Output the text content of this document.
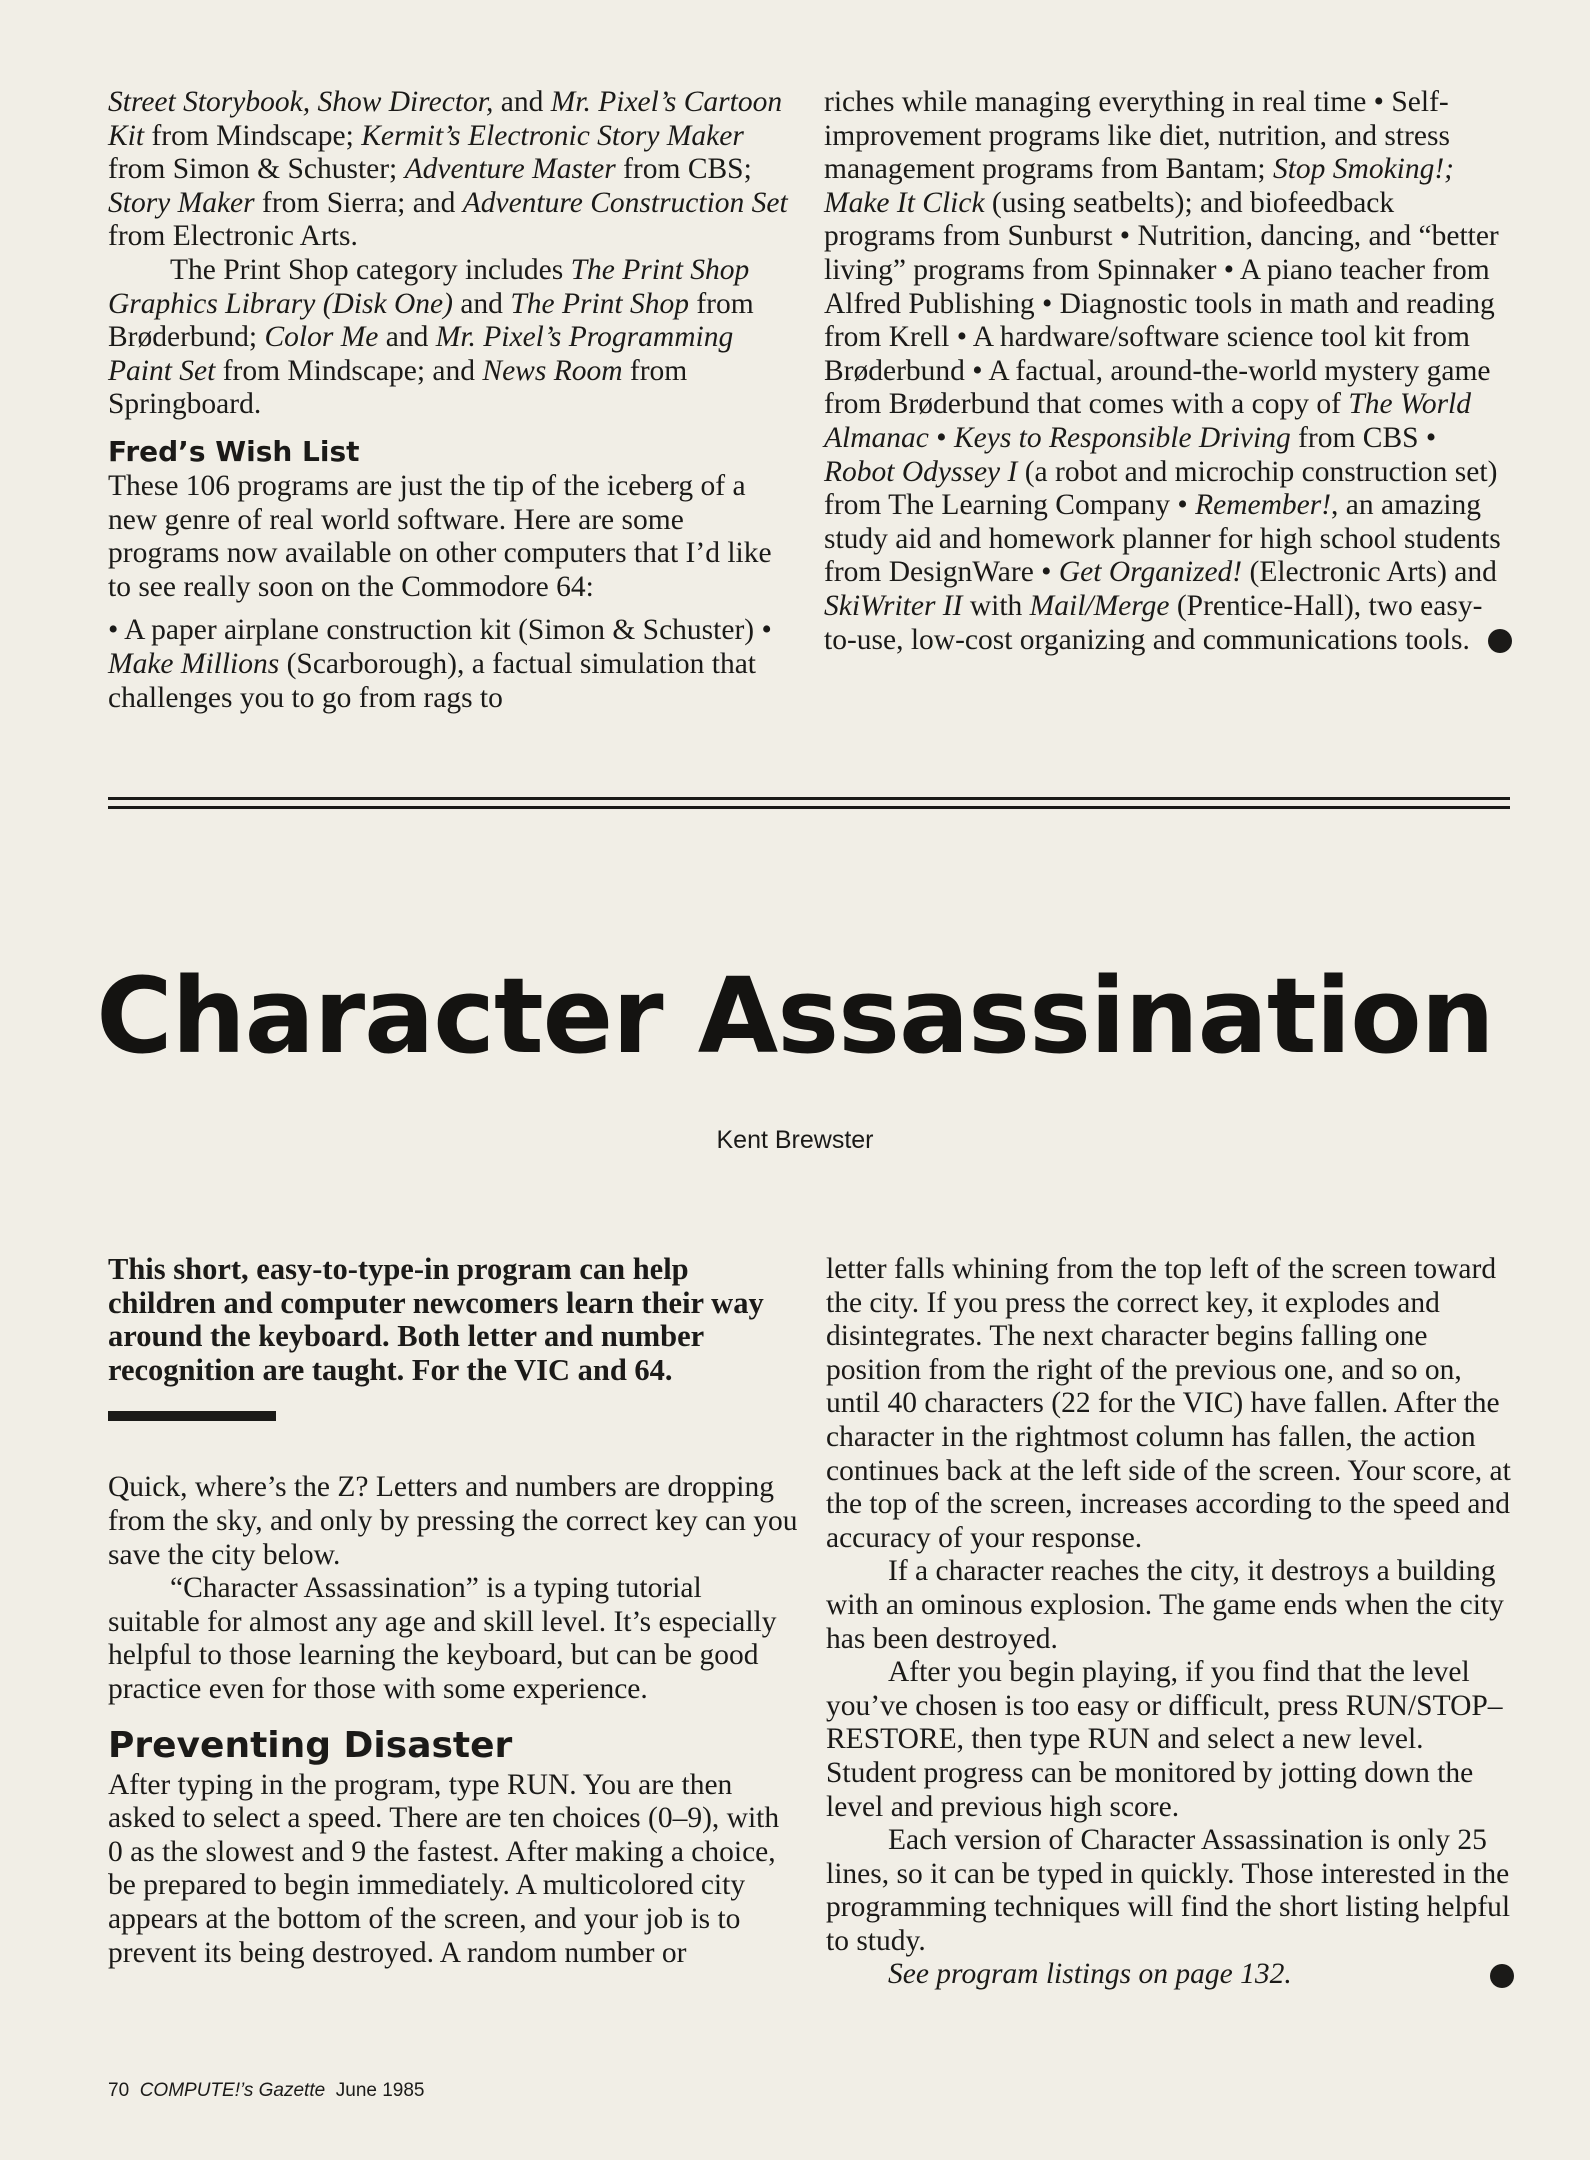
Street Storybook, Show Director, and Mr. Pixel’s Cartoon Kit from Mindscape; Kermit’s Electronic Story Maker from Simon & Schuster; Adventure Master from CBS; Story Maker from Sierra; and Adventure Construction Set from Electronic Arts.

The Print Shop category includes The Print Shop Graphics Library (Disk One) and The Print Shop from Brøderbund; Color Me and Mr. Pixel’s Programming Paint Set from Mindscape; and News Room from Springboard.

Fred’s Wish List

These 106 programs are just the tip of the iceberg of a new genre of real world software. Here are some programs now available on other computers that I’d like to see really soon on the Commodore 64:

• A paper airplane construction kit (Simon & Schuster) • Make Millions (Scarborough), a factual simulation that challenges you to go from rags to

riches while managing everything in real time • Self-improvement programs like diet, nutrition, and stress management programs from Bantam; Stop Smoking!; Make It Click (using seatbelts); and biofeedback programs from Sunburst • Nutrition, dancing, and “better living” programs from Spinnaker • A piano teacher from Alfred Publishing • Diagnostic tools in math and reading from Krell • A hardware/software science tool kit from Brøderbund • A factual, around-the-world mystery game from Brøderbund that comes with a copy of The World Almanac • Keys to Responsible Driving from CBS • Robot Odyssey I (a robot and microchip construction set) from The Learning Company • Remember!, an amazing study aid and homework planner for high school students from DesignWare • Get Organized! (Electronic Arts) and SkiWriter II with Mail/Merge (Prentice-Hall), two easy-to-use, low-cost organizing and communications tools.

Character Assassination
Kent Brewster

This short, easy-to-type-in program can help children and computer newcomers learn their way around the keyboard. Both letter and number recognition are taught. For the VIC and 64.

Quick, where’s the Z? Letters and numbers are dropping from the sky, and only by pressing the correct key can you save the city below.

“Character Assassination” is a typing tutorial suitable for almost any age and skill level. It’s especially helpful to those learning the keyboard, but can be good practice even for those with some experience.

Preventing Disaster

After typing in the program, type RUN. You are then asked to select a speed. There are ten choices (0–9), with 0 as the slowest and 9 the fastest. After making a choice, be prepared to begin immediately. A multicolored city appears at the bottom of the screen, and your job is to prevent its being destroyed. A random number or

letter falls whining from the top left of the screen toward the city. If you press the correct key, it explodes and disintegrates. The next character begins falling one position from the right of the previous one, and so on, until 40 characters (22 for the VIC) have fallen. After the character in the rightmost column has fallen, the action continues back at the left side of the screen. Your score, at the top of the screen, increases according to the speed and accuracy of your response.

If a character reaches the city, it destroys a building with an ominous explosion. The game ends when the city has been destroyed.

After you begin playing, if you find that the level you’ve chosen is too easy or difficult, press RUN/STOP–RESTORE, then type RUN and select a new level. Student progress can be monitored by jotting down the level and previous high score.

Each version of Character Assassination is only 25 lines, so it can be typed in quickly. Those interested in the programming techniques will find the short listing helpful to study.

See program listings on page 132.

70 COMPUTE!’s Gazette June 1985
